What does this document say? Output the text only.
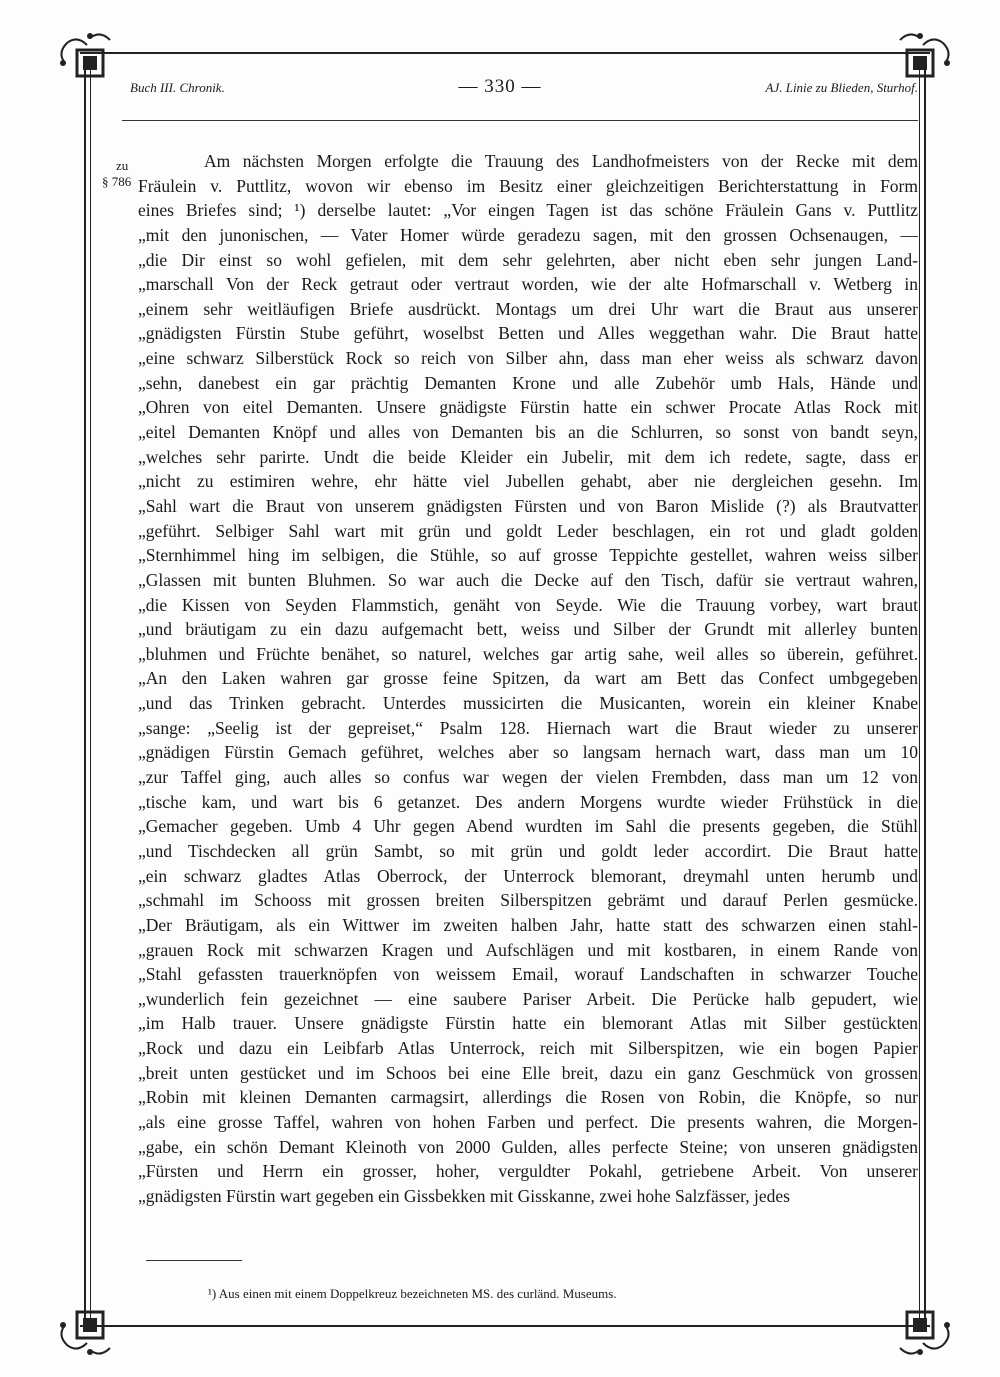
Buch III. Chronik.	— 330 —	AJ. Linie zu Blieden, Sturhof.
zu
§ 786
Am nächsten Morgen erfolgte die Trauung des Landhofmeisters von der Recke mit dem
Fräulein v. Puttlitz, wovon wir ebenso im Besitz einer gleichzeitigen Berichterstattung in Form
eines Briefes sind; ¹) derselbe lautet: „Vor eingen Tagen ist das schöne Fräulein Gans v. Puttlitz
„mit den junonischen, — Vater Homer würde geradezu sagen, mit den grossen Ochsenaugen, —
„die Dir einst so wohl gefielen, mit dem sehr gelehrten, aber nicht eben sehr jungen Land-
„marschall Von der Reck getraut oder vertraut worden, wie der alte Hofmarschall v. Wetberg in
„einem sehr weitläufigen Briefe ausdrückt. Montags um drei Uhr wart die Braut aus unserer
„gnädigsten Fürstin Stube geführt, woselbst Betten und Alles weggethan wahr. Die Braut hatte
„eine schwarz Silberstück Rock so reich von Silber ahn, dass man eher weiss als schwarz davon
„sehn, danebest ein gar prächtig Demanten Krone und alle Zubehör umb Hals, Hände und
„Ohren von eitel Demanten. Unsere gnädigste Fürstin hatte ein schwer Procate Atlas Rock mit
„eitel Demanten Knöpf und alles von Demanten bis an die Schlurren, so sonst von bandt seyn,
„welches sehr parirte. Undt die beide Kleider ein Jubelir, mit dem ich redete, sagte, dass er
„nicht zu estimiren wehre, ehr hätte viel Jubellen gehabt, aber nie dergleichen gesehn. Im
„Sahl wart die Braut von unserem gnädigsten Fürsten und von Baron Mislide (?) als Brautvatter
„geführt. Selbiger Sahl wart mit grün und goldt Leder beschlagen, ein rot und gladt golden
„Sternhimmel hing im selbigen, die Stühle, so auf grosse Teppichte gestellet, wahren weiss silber
„Glassen mit bunten Bluhmen. So war auch die Decke auf den Tisch, dafür sie vertraut wahren,
„die Kissen von Seyden Flammstich, genäht von Seyde. Wie die Trauung vorbey, wart braut
„und bräutigam zu ein dazu aufgemacht bett, weiss und Silber der Grundt mit allerley bunten
„bluhmen und Früchte benähet, so naturel, welches gar artig sahe, weil alles so überein, geführet.
„An den Laken wahren gar grosse feine Spitzen, da wart am Bett das Confect umbgegeben
„und das Trinken gebracht. Unterdes mussicirten die Musicanten, worein ein kleiner Knabe
„sange: „Seelig ist der gepreiset,“ Psalm 128. Hiernach wart die Braut wieder zu unserer
„gnädigen Fürstin Gemach geführet, welches aber so langsam hernach wart, dass man um 10
„zur Taffel ging, auch alles so confus war wegen der vielen Frembden, dass man um 12 von
„tische kam, und wart bis 6 getanzet. Des andern Morgens wurdte wieder Frühstück in die
„Gemacher gegeben. Umb 4 Uhr gegen Abend wurdten im Sahl die presents gegeben, die Stühl
„und Tischdecken all grün Sambt, so mit grün und goldt leder accordirt. Die Braut hatte
„ein schwarz gladtes Atlas Oberrock, der Unterrock blemorant, dreymahl unten herumb und
„schmahl im Schooss mit grossen breiten Silberspitzen gebrämt und darauf Perlen gesmücke.
„Der Bräutigam, als ein Wittwer im zweiten halben Jahr, hatte statt des schwarzen einen stahl-
„grauen Rock mit schwarzen Kragen und Aufschlägen und mit kostbaren, in einem Rande von
„Stahl gefassten trauerknöpfen von weissem Email, worauf Landschaften in schwarzer Touche
„wunderlich fein gezeichnet — eine saubere Pariser Arbeit. Die Perücke halb gepudert, wie
„im Halb trauer. Unsere gnädigste Fürstin hatte ein blemorant Atlas mit Silber gestückten
„Rock und dazu ein Leibfarb Atlas Unterrock, reich mit Silberspitzen, wie ein bogen Papier
„breit unten gestücket und im Schoos bei eine Elle breit, dazu ein ganz Geschmück von grossen
„Robin mit kleinen Demanten carmagsirt, allerdings die Rosen von Robin, die Knöpfe, so nur
„als eine grosse Taffel, wahren von hohen Farben und perfect. Die presents wahren, die Morgen-
„gabe, ein schön Demant Kleinoth von 2000 Gulden, alles perfecte Steine; von unseren gnädigsten
„Fürsten und Herrn ein grosser, hoher, verguldter Pokahl, getriebene Arbeit. Von unserer
„gnädigsten Fürstin wart gegeben ein Gissbekken mit Gisskanne, zwei hohe Salzfässer, jedes
¹) Aus einen mit einem Doppelkreuz bezeichneten MS. des curländ. Museums.
